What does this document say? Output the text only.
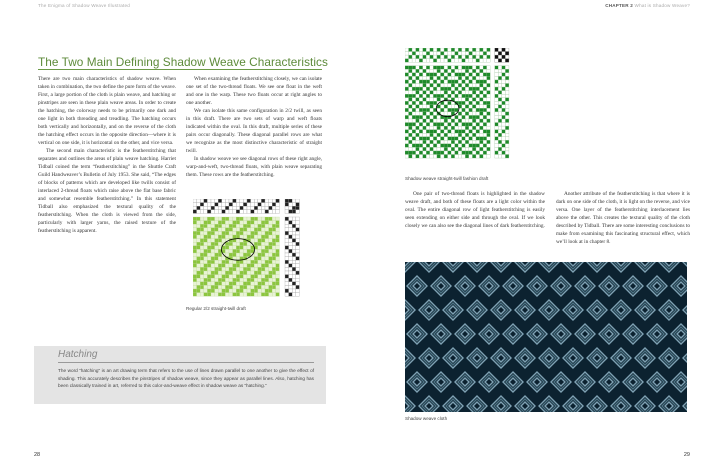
The Enigma of Shadow Weave Illustrated
The Two Main Defining Shadow Weave Characteristics

There are two main characteristics of shadow weave. When taken in combination, the two define the pure form of the weave. First, a large portion of the cloth is plain weave, and hatching or pinstripes are seen in these plain weave areas. In order to create the hatching, the colorway needs to be primarily one dark and one light in both threading and treadling. The hatching occurs both vertically and horizontally, and on the reverse of the cloth the hatching effect occurs in the opposite direction—where it is vertical on one side, it is horizontal on the other, and vice versa.

The second main characteristic is the featherstitching that separates and outlines the areas of plain weave hatching. Harriet Tidball coined the term “featherstitching” in the Shuttle Craft Guild Handweaver’s Bulletin of July 1953. She said, “The edges of blocks of patterns which are developed like twills consist of interlaced 2-thread floats which raise above the flat base fabric and somewhat resemble featherstitching.” In this statement Tidball also emphasized the textural quality of the featherstitching. When the cloth is viewed from the side, particularly with larger yarns, the raised texture of the featherstitching is apparent.

When examining the featherstitching closely, we can isolate one set of the two-thread floats. We see one float in the weft and one in the warp. These two floats occur at right angles to one another.

We can isolate this same configuration in 2/2 twill, as seen in this draft. There are two sets of warp and weft floats indicated within the oval. In this draft, multiple series of these pairs occur diagonally. These diagonal parallel rows are what we recognize as the most distinctive characteristic of straight twill.

In shadow weave we see diagonal rows of these right angle, warp-and-weft, two-thread floats, with plain weave separating them. These rows are the featherstitching.

Regular 2/2 straight-twill draft
Hatching
The word “hatching” is an art drawing term that refers to the use of lines drawn parallel to one another to give the effect of shading. This accurately describes the pinstripes of shadow weave, since they appear as parallel lines. Also, hatching has been classically trained in art, referred to this color-and-weave effect in shadow weave as “hatching.”
28
CHAPTER 2 What is Shadow Weave?
29
Shadow weave straight-twill fashion draft

One pair of two-thread floats is highlighted in the shadow weave draft, and both of these floats are a light color within the oval. The entire diagonal row of light featherstitching is easily seen extending on either side and through the oval. If we look closely we can also see the diagonal lines of dark featherstitching.

Another attribute of the featherstitching is that where it is dark on one side of the cloth, it is light on the reverse, and vice versa. One layer of the featherstitching interlacement lies above the other. This creates the textural quality of the cloth described by Tidball. There are some interesting conclusions to make from examining this fascinating structural effect, which we’ll look at in chapter 8.

Shadow weave cloth
